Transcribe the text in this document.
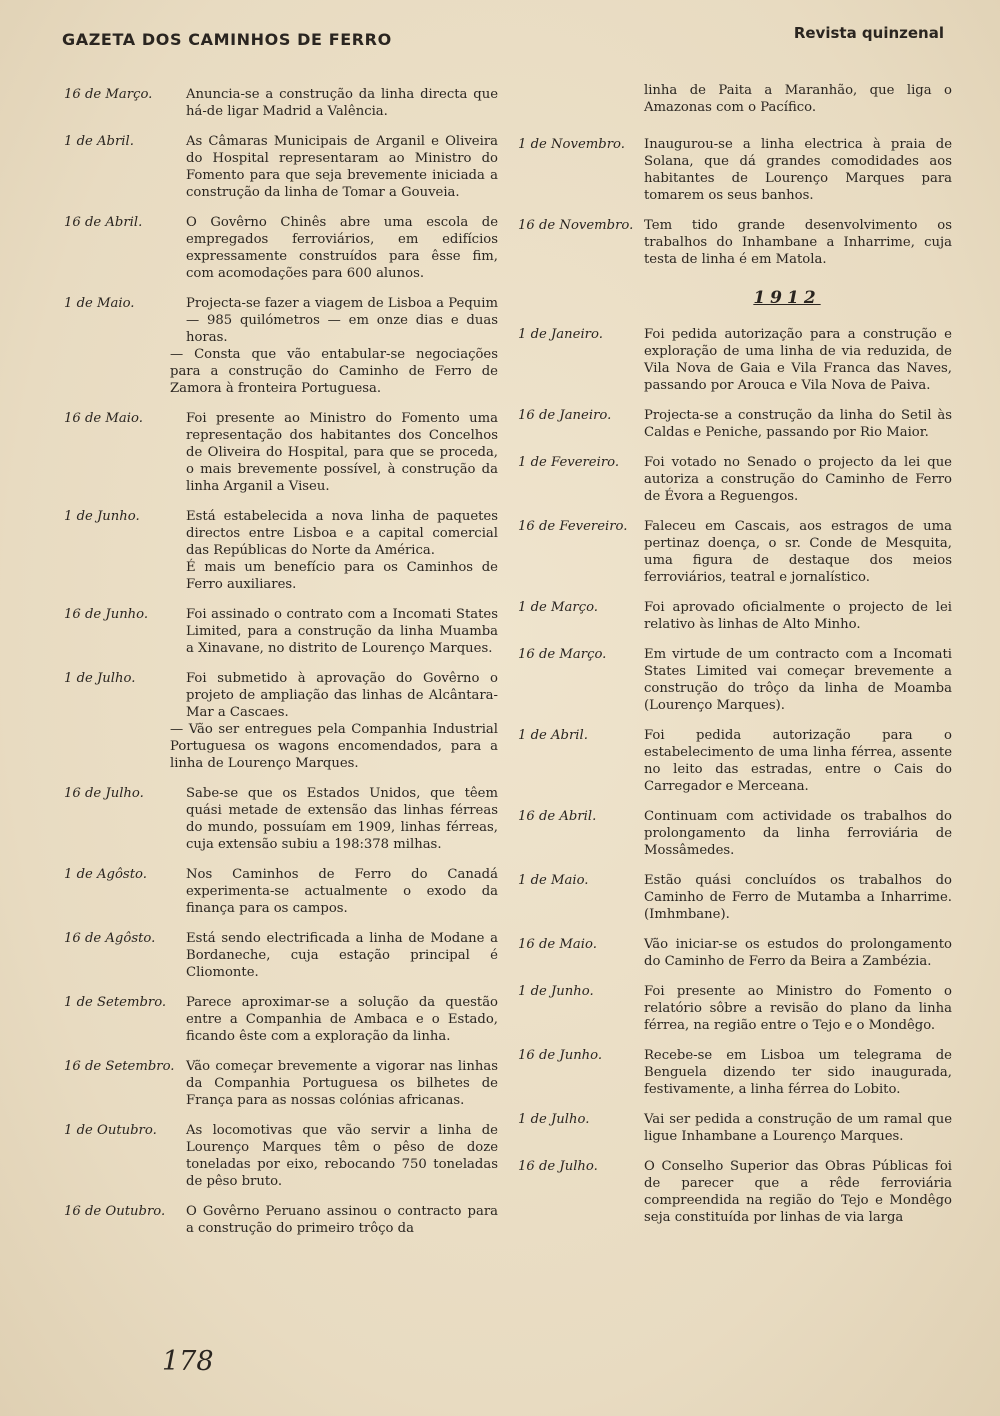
GAZETA DOS CAMINHOS DE FERRO	Revista quinzenal
16 de Março.	Anuncia-se a construção da linha directa que há-de ligar Madrid a Valência.

1 de Abril.	As Câmaras Municipais de Arganil e Oliveira do Hospital representaram ao Ministro do Fomento para que seja brevemente iniciada a construção da linha de Tomar a Gouveia.

16 de Abril.	O Govêrno Chinês abre uma escola de empregados ferroviários, em edifícios expressamente construídos para êsse fim, com acomodações para 600 alunos.

1 de Maio.	Projecta-se fazer a viagem de Lisboa a Pequim — 985 quilómetros — em onze dias e duas horas.

— Consta que vão entabular-se negociações para a construção do Caminho de Ferro de Zamora à fronteira Portuguesa.

16 de Maio.	Foi presente ao Ministro do Fomento uma representação dos habitantes dos Concelhos de Oliveira do Hospital, para que se proceda, o mais brevemente possível, à construção da linha Arganil a Viseu.

1 de Junho.	Está estabelecida a nova linha de paquetes directos entre Lisboa e a capital comercial das Repúblicas do Norte da América.

É mais um benefício para os Caminhos de Ferro auxiliares.

16 de Junho.	Foi assinado o contrato com a Incomati States Limited, para a construção da linha Muamba a Xinavane, no distrito de Lourenço Marques.

1 de Julho.	Foi submetido à aprovação do Govêrno o projeto de ampliação das linhas de Alcântara-Mar a Cascaes.

— Vão ser entregues pela Companhia Industrial Portuguesa os wagons encomendados, para a linha de Lourenço Marques.

16 de Julho.	Sabe-se que os Estados Unidos, que têem quási metade de extensão das linhas férreas do mundo, possuíam em 1909, linhas férreas, cuja extensão subiu a 198:378 milhas.

1 de Agôsto.	Nos Caminhos de Ferro do Canadá experimenta-se actualmente o exodo da finança para os campos.

16 de Agôsto.	Está sendo electrificada a linha de Modane a Bordaneche, cuja estação principal é Cliomonte.

1 de Setembro.	Parece aproximar-se a solução da questão entre a Companhia de Ambaca e o Estado, ficando êste com a exploração da linha.

16 de Setembro. Vão começar brevemente a vigorar nas linhas da Companhia Portuguesa os bilhetes de França para as nossas colónias africanas.

1 de Outubro.	As locomotivas que vão servir a linha de Lourenço Marques têm o pêso de doze toneladas por eixo, rebocando 750 toneladas de pêso bruto.

16 de Outubro.	O Govêrno Peruano assinou o contracto para a construção do primeiro trôço da

linha de Paita a Maranhão, que liga o Amazonas com o Pacífico.
1 de Novembro.	Inaugurou-se a linha electrica à praia de Solana, que dá grandes comodidades aos habitantes de Lourenço Marques para tomarem os seus banhos.

16 de Novembro. Tem tido grande desenvolvimento os trabalhos do Inhambane a Inharrime, cuja testa de linha é em Matola.

1912
1 de Janeiro.	Foi pedida autorização para a construção e exploração de uma linha de via reduzida, de Vila Nova de Gaia e Vila Franca das Naves, passando por Arouca e Vila Nova de Paiva.

16 de Janeiro.	Projecta-se a construção da linha do Setil às Caldas e Peniche, passando por Rio Maior.

1 de Fevereiro.	Foi votado no Senado o projecto da lei que autoriza a construção do Caminho de Ferro de Évora a Reguengos.

16 de Fevereiro.	Faleceu em Cascais, aos estragos de uma pertinaz doença, o sr. Conde de Mesquita, uma figura de destaque dos meios ferroviários, teatral e jornalístico.

1 de Março.	Foi aprovado oficialmente o projecto de lei relativo às linhas de Alto Minho.

16 de Março.	Em virtude de um contracto com a Incomati States Limited vai começar brevemente a construção do trôço da linha de Moamba (Lourenço Marques).

1 de Abril.	Foi pedida autorização para o estabelecimento de uma linha férrea, assente no leito das estradas, entre o Cais do Carregador e Merceana.

16 de Abril.	Continuam com actividade os trabalhos do prolongamento da linha ferroviária de Mossâmedes.

1 de Maio.	Estão quási concluídos os trabalhos do Caminho de Ferro de Mutamba a Inharrime. (Imhmbane).

16 de Maio.	Vão iniciar-se os estudos do prolongamento do Caminho de Ferro da Beira a Zambézia.

1 de Junho.	Foi presente ao Ministro do Fomento o relatório sôbre a revisão do plano da linha férrea, na região entre o Tejo e o Mondêgo.

16 de Junho.	Recebe-se em Lisboa um telegrama de Benguela dizendo ter sido inaugurada, festivamente, a linha férrea do Lobito.

1 de Julho.	Vai ser pedida a construção de um ramal que ligue Inhambane a Lourenço Marques.

16 de Julho.	O Conselho Superior das Obras Públicas foi de parecer que a rêde ferroviária compreendida na região do Tejo e Mondêgo seja constituída por linhas de via larga

178
